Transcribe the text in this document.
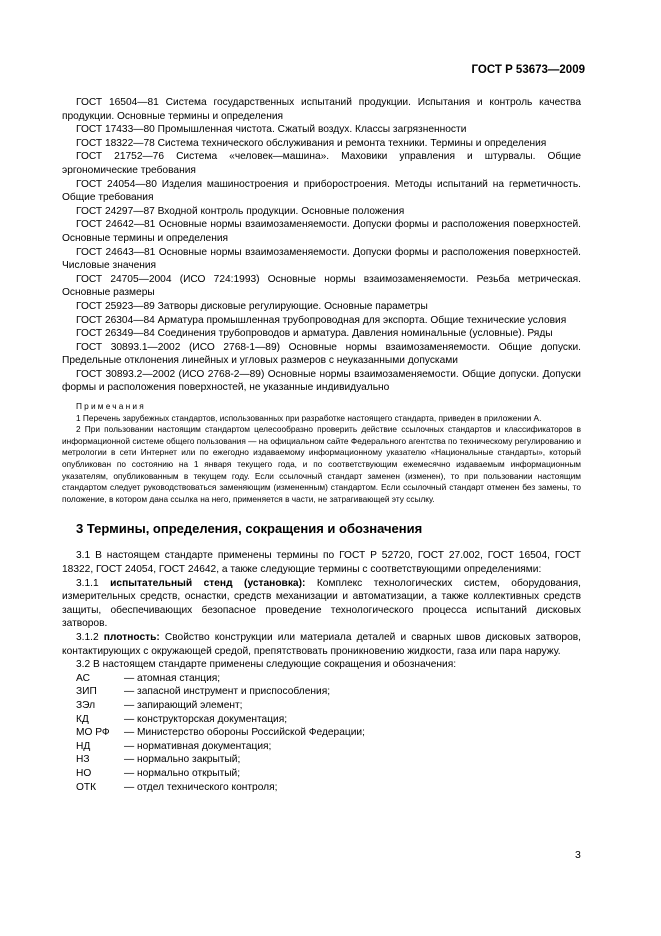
ГОСТ Р 53673—2009

ГОСТ 16504—81 Система государственных испытаний продукции. Испытания и контроль качества продукции. Основные термины и определения

ГОСТ 17433—80 Промышленная чистота. Сжатый воздух. Классы загрязненности

ГОСТ 18322—78 Система технического обслуживания и ремонта техники. Термины и определения

ГОСТ 21752—76 Система «человек—машина». Маховики управления и штурвалы. Общие эргономические требования

ГОСТ 24054—80 Изделия машиностроения и приборостроения. Методы испытаний на герметичность. Общие требования

ГОСТ 24297—87 Входной контроль продукции. Основные положения

ГОСТ 24642—81 Основные нормы взаимозаменяемости. Допуски формы и расположения поверхностей. Основные термины и определения

ГОСТ 24643—81 Основные нормы взаимозаменяемости. Допуски формы и расположения поверхностей. Числовые значения

ГОСТ 24705—2004 (ИСО 724:1993) Основные нормы взаимозаменяемости. Резьба метрическая. Основные размеры

ГОСТ 25923—89 Затворы дисковые регулирующие. Основные параметры

ГОСТ 26304—84 Арматура промышленная трубопроводная для экспорта. Общие технические условия

ГОСТ 26349—84 Соединения трубопроводов и арматура. Давления номинальные (условные). Ряды

ГОСТ 30893.1—2002 (ИСО 2768-1—89) Основные нормы взаимозаменяемости. Общие допуски. Предельные отклонения линейных и угловых размеров с неуказанными допусками

ГОСТ 30893.2—2002 (ИСО 2768-2—89) Основные нормы взаимозаменяемости. Общие допуски. Допуски формы и расположения поверхностей, не указанные индивидуально

Примечания

1 Перечень зарубежных стандартов, использованных при разработке настоящего стандарта, приведен в приложении А.

2 При пользовании настоящим стандартом целесообразно проверить действие ссылочных стандартов и классификаторов в информационной системе общего пользования — на официальном сайте Федерального агентства по техническому регулированию и метрологии в сети Интернет или по ежегодно издаваемому информационному указателю «Национальные стандарты», который опубликован по состоянию на 1 января текущего года, и по соответствующим ежемесячно издаваемым информационным указателям, опубликованным в текущем году. Если ссылочный стандарт заменен (изменен), то при пользовании настоящим стандартом следует руководствоваться заменяющим (измененным) стандартом. Если ссылочный стандарт отменен без замены, то положение, в котором дана ссылка на него, применяется в части, не затрагивающей эту ссылку.

3 Термины, определения, сокращения и обозначения

3.1 В настоящем стандарте применены термины по ГОСТ Р 52720, ГОСТ 27.002, ГОСТ 16504, ГОСТ 18322, ГОСТ 24054, ГОСТ 24642, а также следующие термины с соответствующими определениями:

3.1.1 испытательный стенд (установка): Комплекс технологических систем, оборудования, измерительных средств, оснастки, средств механизации и автоматизации, а также коллективных средств защиты, обеспечивающих безопасное проведение технологического процесса испытаний дисковых затворов.

3.1.2 плотность: Свойство конструкции или материала деталей и сварных швов дисковых затворов, контактирующих с окружающей средой, препятствовать проникновению жидкости, газа или пара наружу.

3.2 В настоящем стандарте применены следующие сокращения и обозначения:

АС	— атомная станция;
ЗИП	— запасной инструмент и приспособления;
ЗЭл	— запирающий элемент;
КД	— конструкторская документация;
МО РФ	— Министерство обороны Российской Федерации;
НД	— нормативная документация;
НЗ	— нормально закрытый;
НО	— нормально открытый;
ОТК	— отдел технического контроля;
3
